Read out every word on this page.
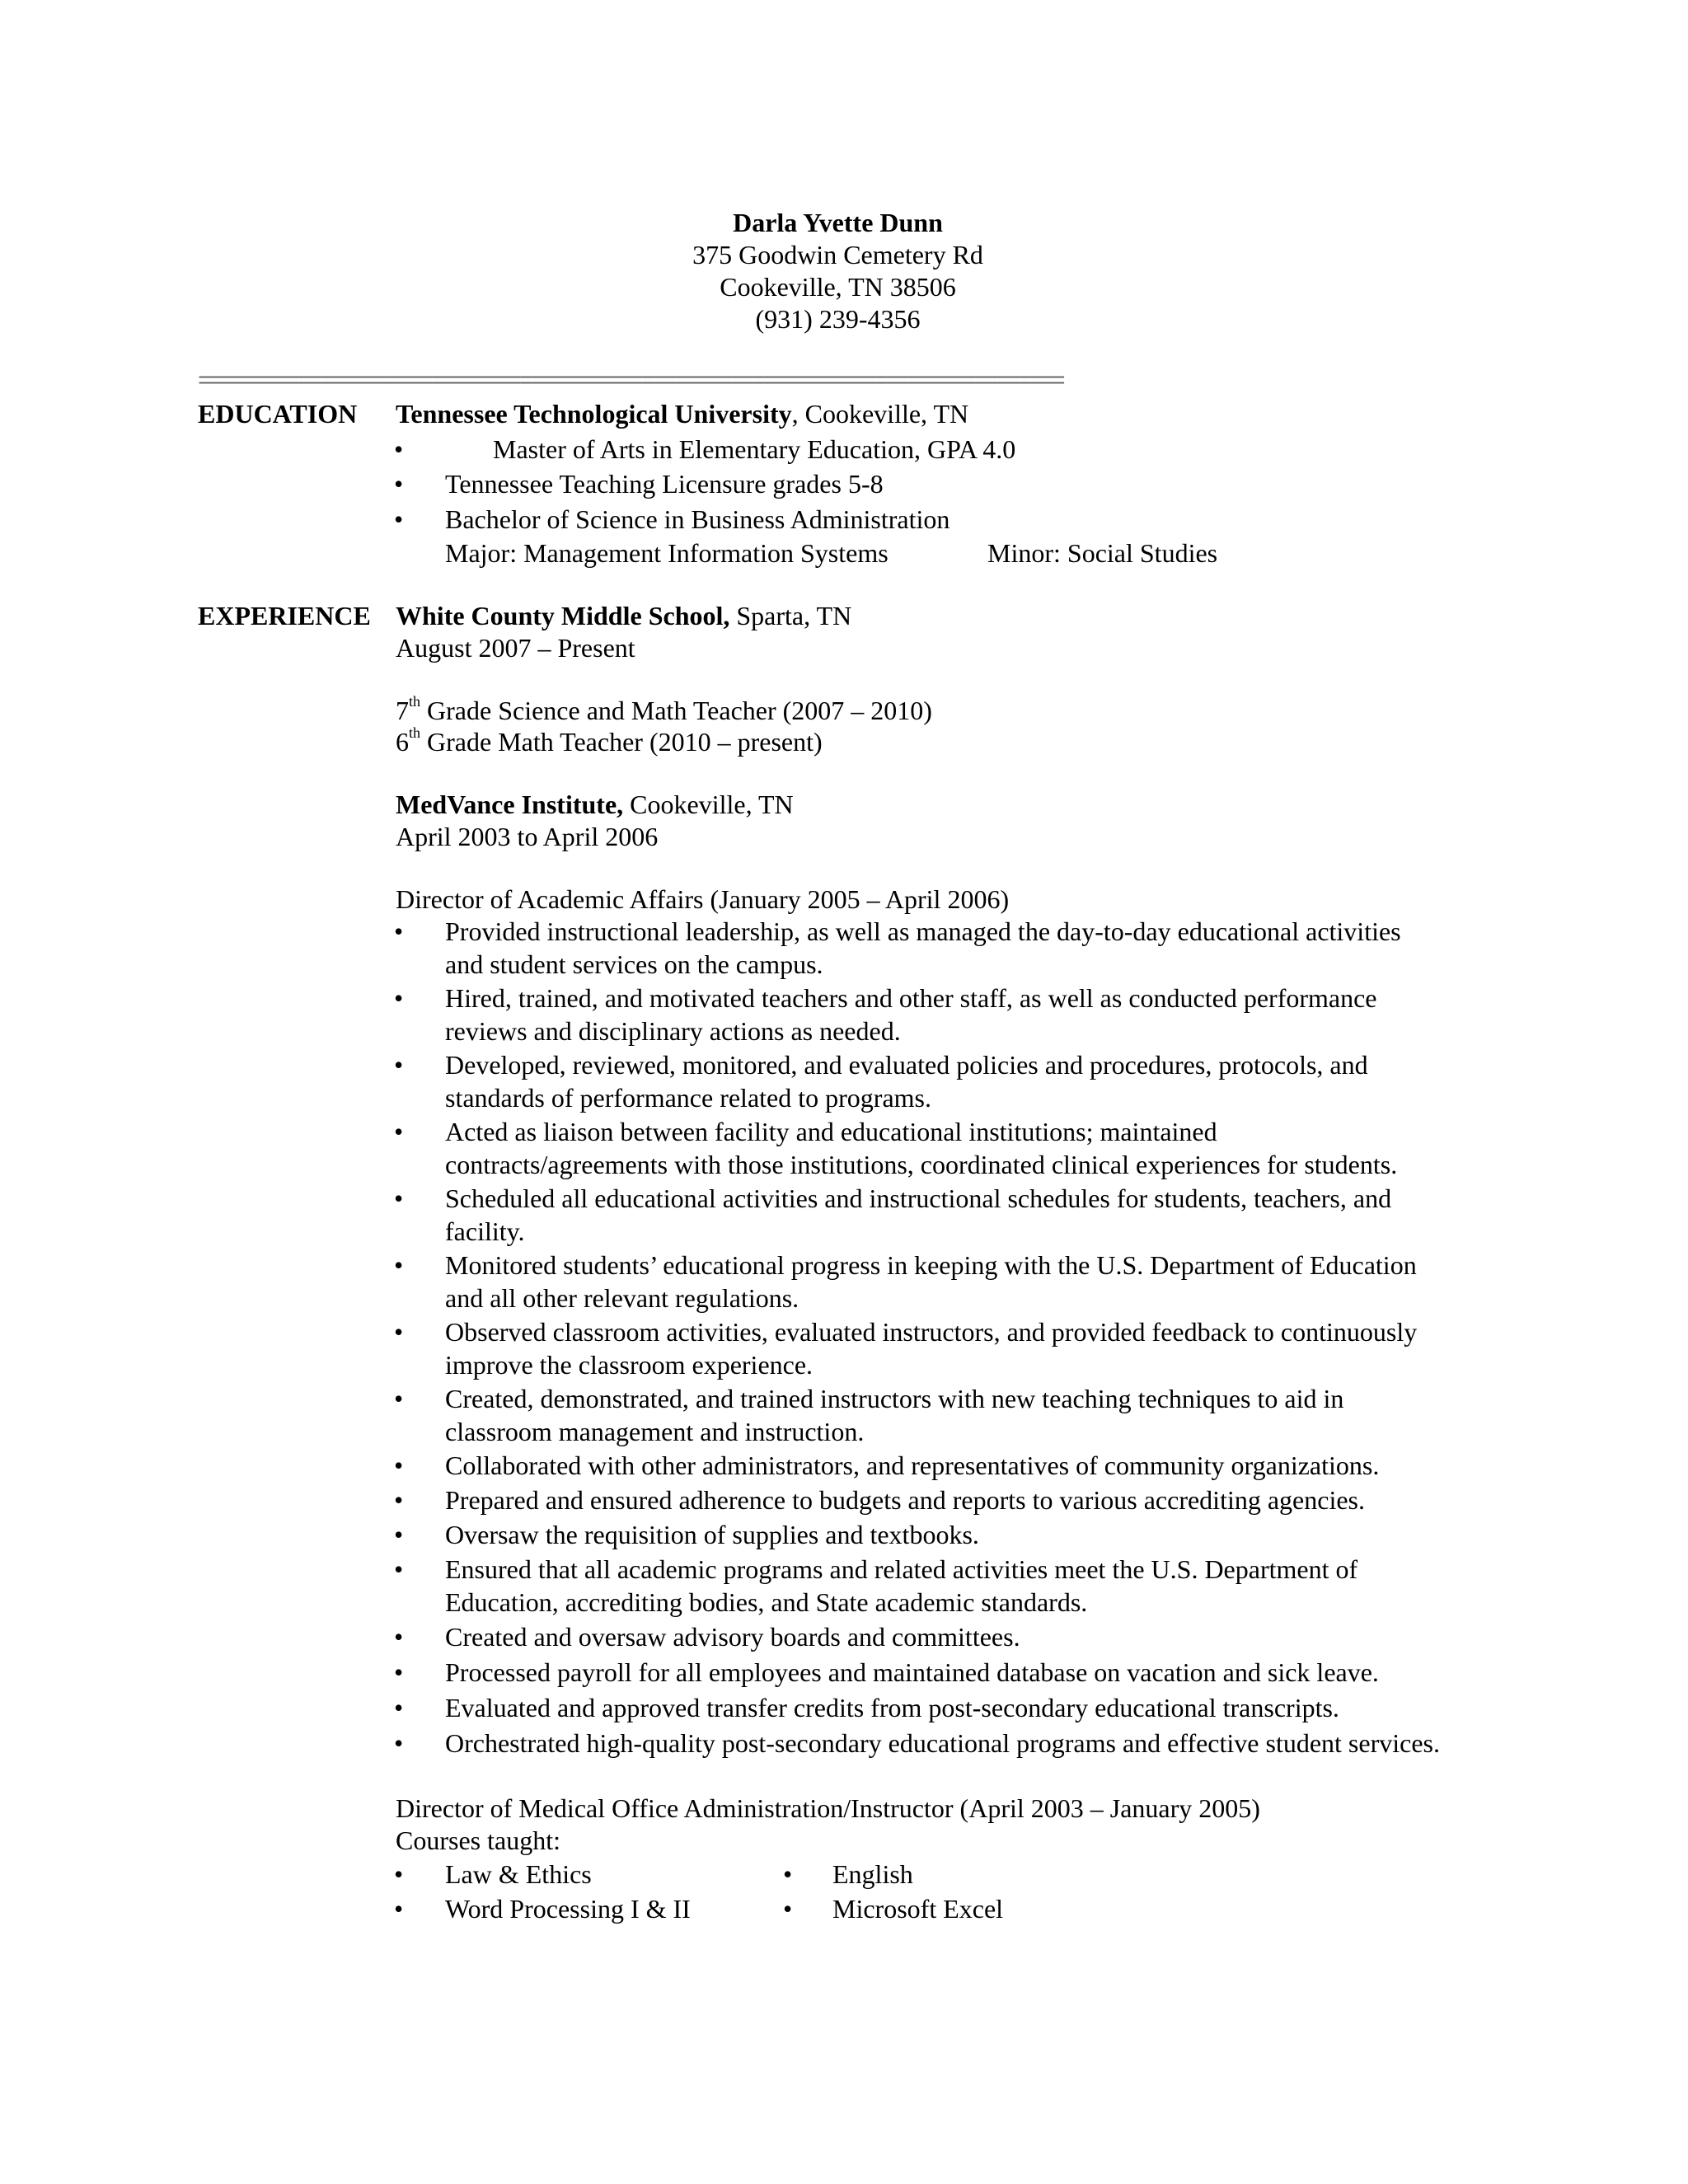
Darla Yvette Dunn
375 Goodwin Cemetery Rd
Cookeville, TN 38506
(931) 239-4356
==============================================================================
EDUCATION Tennessee Technological University, Cookeville, TN
•	Master of Arts in Elementary Education, GPA 4.0
• Tennessee Teaching Licensure grades 5-8
• Bachelor of Science in Business Administration
Major: Management Information Systems	Minor: Social Studies
EXPERIENCE White County Middle School, Sparta, TN
August 2007 – Present
7th Grade Science and Math Teacher (2007 – 2010)
6th Grade Math Teacher (2010 – present)
MedVance Institute, Cookeville, TN
April 2003 to April 2006
Director of Academic Affairs (January 2005 – April 2006)
• Provided instructional leadership, as well as managed the day-to-day educational activities
and student services on the campus.
• Hired, trained, and motivated teachers and other staff, as well as conducted performance
reviews and disciplinary actions as needed.
• Developed, reviewed, monitored, and evaluated policies and procedures, protocols, and
standards of performance related to programs.
• Acted as liaison between facility and educational institutions; maintained
contracts/agreements with those institutions, coordinated clinical experiences for students.
• Scheduled all educational activities and instructional schedules for students, teachers, and
facility.
• Monitored students’ educational progress in keeping with the U.S. Department of Education
and all other relevant regulations.
• Observed classroom activities, evaluated instructors, and provided feedback to continuously
improve the classroom experience.
• Created, demonstrated, and trained instructors with new teaching techniques to aid in
classroom management and instruction.
• Collaborated with other administrators, and representatives of community organizations.
• Prepared and ensured adherence to budgets and reports to various accrediting agencies.
• Oversaw the requisition of supplies and textbooks.
• Ensured that all academic programs and related activities meet the U.S. Department of
Education, accrediting bodies, and State academic standards.
• Created and oversaw advisory boards and committees.
• Processed payroll for all employees and maintained database on vacation and sick leave.
• Evaluated and approved transfer credits from post-secondary educational transcripts.
• Orchestrated high-quality post-secondary educational programs and effective student services.
Director of Medical Office Administration/Instructor (April 2003 – January 2005)
Courses taught:
• Law & Ethics	• English
• Word Processing I & II	• Microsoft Excel
